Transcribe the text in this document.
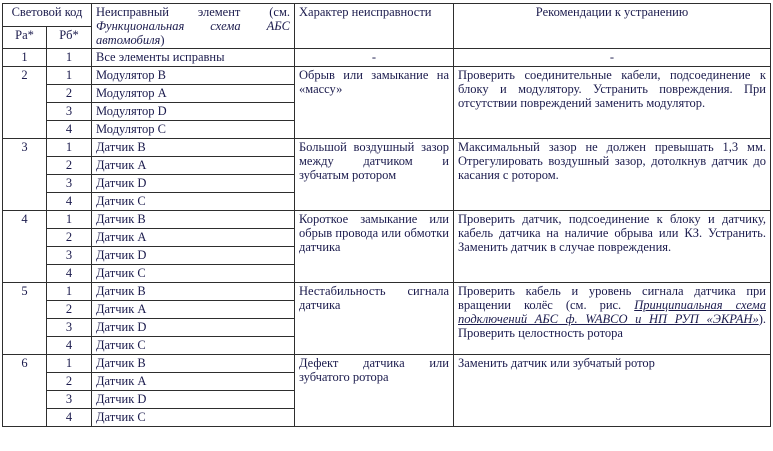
Световой код		Неисправный элемент (см. Функциональная схема АБС автомобиля)	Характер неисправности	Рекомендации к устранению
Ра*	Рб*			
1	1	Все элементы исправны	-	-
2	1	Модулятор B	Обрыв или замыкание на «массу»	Проверить соединительные кабели, подсоединение к блоку и модулятору. Устранить повреждения. При отсутствии повреждений заменить модулятор.
	2	Модулятор A		
	3	Модулятор D		
	4	Модулятор C		
3	1	Датчик B	Большой воздушный зазор между датчиком и зубчатым ротором	Максимальный зазор не должен превышать 1,3 мм. Отрегулировать воздушный зазор, дотолкнув датчик до касания с ротором.
	2	Датчик A		
	3	Датчик D		
	4	Датчик C		
4	1	Датчик B	Короткое замыкание или обрыв провода или обмотки датчика	Проверить датчик, подсоединение к блоку и датчику, кабель датчика на наличие обрыва или КЗ. Устранить. Заменить датчик в случае повреждения.
	2	Датчик A		
	3	Датчик D		
	4	Датчик C		
5	1	Датчик B	Нестабильность сигнала датчика	Проверить кабель и уровень сигнала датчика при вращении колёс (см. рис. Принципиальная схема подключений АБС ф. WABCO и НП РУП «ЭКРАН»). Проверить целостность ротора
	2	Датчик A		
	3	Датчик D		
	4	Датчик C		
6	1	Датчик B	Дефект датчика или зубчатого ротора	Заменить датчик или зубчатый ротор
	2	Датчик A		
	3	Датчик D		
	4	Датчик C		
